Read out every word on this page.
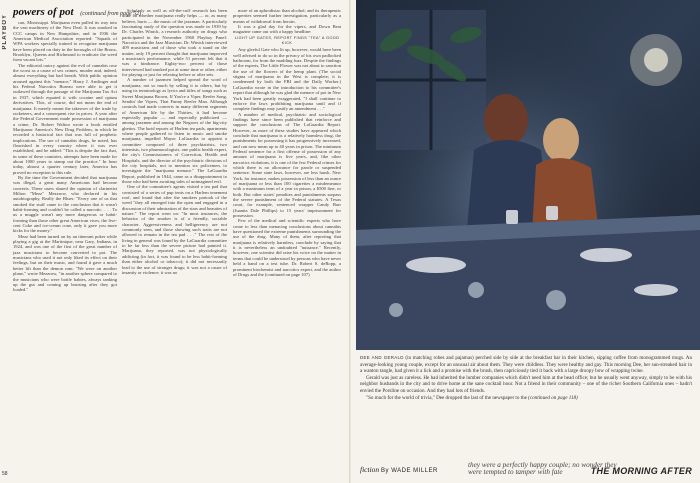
PLAYBOY
58
powers of pot (continued from page 52)

can, Mississippi. Marijuana even pulled its way into the vast machinery of the New Deal. It was smoked in CCC camps in New Hampshire, and in 1936 the American Medical Association reported: "Squads of WPA workers specially trained to recognize marijuana have been placed on duty in the boroughs of the Bronx, Brooklyn, Queens and Richmond to eradicate the weed from vacant lots."

The editorial outcry against the evil of cannabis rose the worst as a cause of sex crimes, murder and, indeed, almost everything but bad breath. With public opinion aroused against this "menace," Harry J. Anslinger and his Federal Narcotics Bureau were able to get it outlawed through the passage of the Marijuana Tax Act in 1937, which equated it with cocaine and opium derivatives. This, of course, did not mean the end of marijuana. It merely meant the takeover of the trade by racketeers, and a consequent rise in prices. A year after the Federal Government made possession of marijuana a crime, Dr. Robert Walton wrote a book entitled Marijuana: America's New Drug Problem, in which he recorded a historical fact that was full of prophetic implications. The use of cannabis drugs, he noted, has flourished in every country where it was ever established, and he added: "This is despite the fact that, in some of these countries, attempts have been made for about 1000 years to stamp out the practice." In hour today, almost a quarter century later, America has proved no exception to this rule.

By the time the Government decided that marijuana was illegal, a great many Americans had become converts. These users shared the opinion of clarinetist Milton "Mezz" Mezzrow, who declared in his autobiography, Really the Blues: "Every one of us that smoked the stuff came to the conclusion that it wasn't habit-forming and couldn't be called a narcotic. . . . To us a muggle wasn't any more dangerous or habit-forming than those other great American vices, the five-cent Coke and ice-cream cone, only it gave you more kicks for the money."

Mezz had been turned on by an itinerant poker while playing a gig at the Martinique, near Gary, Indiana, in 1924, and was one of the first of the great number of jazz musicians to become converted to pot. The musicians who used it not only liked its effect on their feelings, but on their music, and found it gave a much better lift than the demon rum: "We were on another plane," wrote Mezzrow, "in another sphere compared to the musicians who were bottle babies, always tanking up the gut and coming up bruising after they got loaded."

Scholarly as well as off-the-cuff research has been done on whether marijuana really helps — or, as many believe, hurts — the music of the jazzman. A particularly fascinating study of the question was made in 1939 by Dr. Charles Winick, a research authority on drugs who participated in the November 1960 Playboy Panel: Narcotics and the Jazz Musician. Dr. Winick interviewed 409 musicians and of those who took a stand on the matter, only 19 percent thought that marijuana improved a musician's performance, while 51 percent felt that it was a hindrance. Eighty-two percent of those interviewed had smoked pot at some time or other, either for playing or just for relaxing before or after sets.

A number of jazzmen helped spread the word of marijuana, not so much by selling it to others, but by using its terminology as lyrics and titles of songs such as Sweet Marijuana Brown, If You're a Viper, Reefer Song, Sendin' the Vipers, That Funny Reefer Man. Although controls had made converts in many different segments of American life by the Thirties, it had become especially popular — and especially publicized — among jazzmen and among the Negroes of the big-city ghettos. The lurid reports of Harlem tea pads, apartments where people gathered to listen to music and smoke marijuana, impelled Mayor LaGuardia to appoint a committee composed of three psychiatrists, two internists, two pharmacologists, one public health expert, the city's Commissioners of Correction, Health and Hospitals, and the director of the psychiatric divisions of the city hospitals, not to mention six policemen, to investigate the "marijuana menace." The LaGuardia Report, published in 1944, came as a disappointment to those who had been awaiting tales of unimagined evil.

One of the committee's agents visited a tea pad that consisted of a series of pup tents on a Harlem tenement roof, and found that after the smokers partook of the weed "they all emerged into the open and engaged in a discussion of their admiration of the stars and beauties of nature." The report went on: "In most instances, the behavior of the smoker is of a friendly, sociable character. Aggressiveness and belligerency are not commonly seen, and those showing such traits are not allowed to remain in the tea pad . . ." The rest of the living in general was found by the LaGuardia committee to be far less than the severe picture had painted it. Marijuana, they reported, was not physiologically addicting (in fact, it was found to be less habit-forming than either alcohol or tobacco); it did not necessarily lead to the use of stronger drugs; it was not a cause of insanity or violence; it was no

more of an aphrodisiac than alcohol; and its therapeutic properties seemed further investigation, particularly as a means of withdrawal from heroin.

It was a glad day for the vipers, and Down Beat magazine came out with a happy headline:

LIGHT UP GATES, REPORT FINDS "TEA" A GOOD KICK

Any gleeful Gate who lit up, however, would have been well advised to do so in the privacy of his own padlocked bathroom, for from the madding fuzz. Despite the findings of the experts, The Little Flower was not about to sanction the use of the flowers of the hemp plant. (The social stigma of marijuana in the West is complete; it is condemned by both the FBI and the Daily Worker.) LaGuardia wrote in the introduction to his committee's report that although he was glad the menace of pot in New York had been greatly exaggerated, "I shall continue to enforce the laws prohibiting marijuana until and if complete findings may justify an amendment . . ."

A number of medical, psychiatric and sociological findings have since been published that reinforce and support the conclusions of The LaGuardia Report. However, as more of these studies have appeared which conclude that marijuana is a relatively harmless drug, the punishments for possessing it has progressively increased, and can now mean up to 40 years in prison. The minimum Federal sentence for a first offense of possession of any amount of marijuana is five years, and, like other narcotics violations, it is one of the few Federal crimes for which there is no allowance for parole or suspended sentence. Some state laws, however, are less harsh. New York, for instance, makes possession of less than an ounce of marijuana or less than 100 cigarettes a misdemeanor with a maximum term of a year in prison, a $500 fine, or both. But other states' penalties and punishments surpass the severe punishment of the Federal statutes. A Texas court, for example, sentenced wrapper Candy Barr (Juanita Dale Phillips) to 15 years' imprisonment for possession.

Few of the medical and scientific experts who have come to less than menacing conclusions about cannabis have questioned the extreme punishments surrounding the use of the drug. Many of them, after reporting that marijuana is relatively harmless, conclude by saying that it is nevertheless an undoubted "nuisance." Recently, however, one scientist did raise his voice on the matter in terms that could be understood by persons who have never held a hand on a test tube. Dr. Robert S. deRopp, a prominent biochemist and narcotics expert, and the author of Drugs and the (continued on page 107)

DEE AND GERALD (in matching robes and pajamas) perched side by side at the breakfast bar in their kitchen, sipping coffee from monogrammed mugs. An average-looking young couple, except for an unusual air about them. They were childless. They were healthy and gay. This morning Dee, her sun-streaked hair in a wanton tangle, had given it a lick and a promise with the brush, then capriciously tied it back with a large droopy bow of wrapping twine.

Gerald was just as careless. He had inherited the lumber companies which didn't need him at the head office; but he usually went anyway, simply to be with his neighbor husbands in the city and to drive home at the sane cocktail hour. Not a friend in their community – one of the richer Southern California ones – hadn't envied the Porsline on occasion. And they had lots of friends.

"So much for the world of trivia," Dee dropped the last of the newspaper to the (continued on page 118)

fiction By WADE MILLER
they were a perfectly happy couple; no wonder they were tempted to tamper with fate	THE MORNING AFTER
